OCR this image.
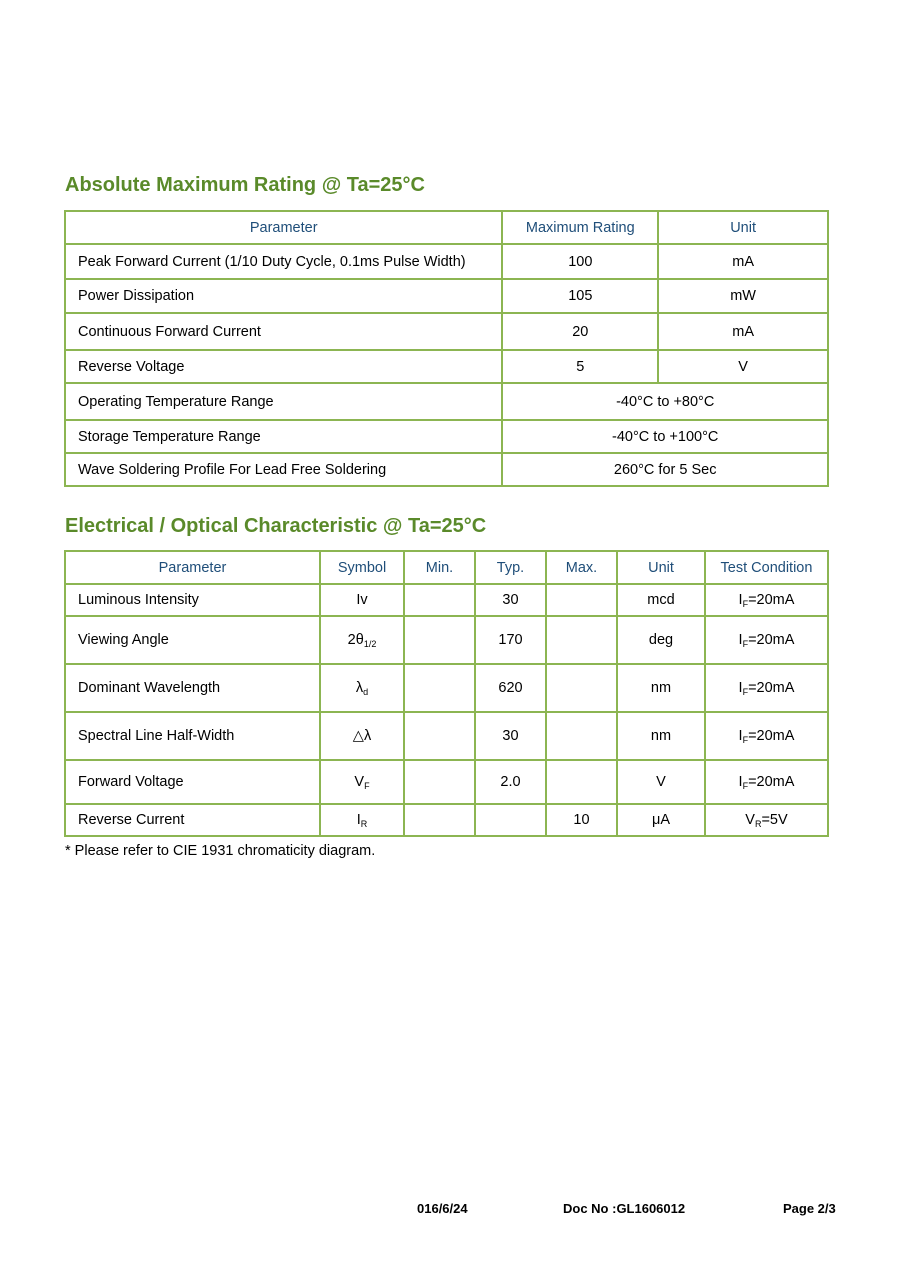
Absolute Maximum Rating @ Ta=25°C
Parameter	Maximum Rating	Unit
Peak Forward Current (1/10 Duty Cycle, 0.1ms Pulse Width)	100	mA
Power Dissipation	105	mW
Continuous Forward Current	20	mA
Reverse Voltage	5	V
Operating Temperature Range	-40°C to +80°C	
Storage Temperature Range	-40°C to +100°C	
Wave Soldering Profile For Lead Free Soldering	260°C for 5 Sec	
Electrical / Optical Characteristic @ Ta=25°C
Parameter	Symbol	Min.	Typ.	Max.	Unit	Test Condition
Luminous Intensity	Iv		30		mcd	$I_F=20mA$
Viewing Angle	$2\theta_{1/2}$		170		deg	$I_F=20mA$
Dominant Wavelength	$\lambda_d$		620		nm	$I_F=20mA$
Spectral Line Half-Width	△λ		30		nm	$I_F=20mA$
Forward Voltage	$V_F$		2.0		V	$I_F=20mA$
Reverse Current	$I_R$			10	μA	$V_R=5V$
* Please refer to CIE 1931 chromaticity diagram.
016/6/24	Doc No :GL1606012	Page 2/3
